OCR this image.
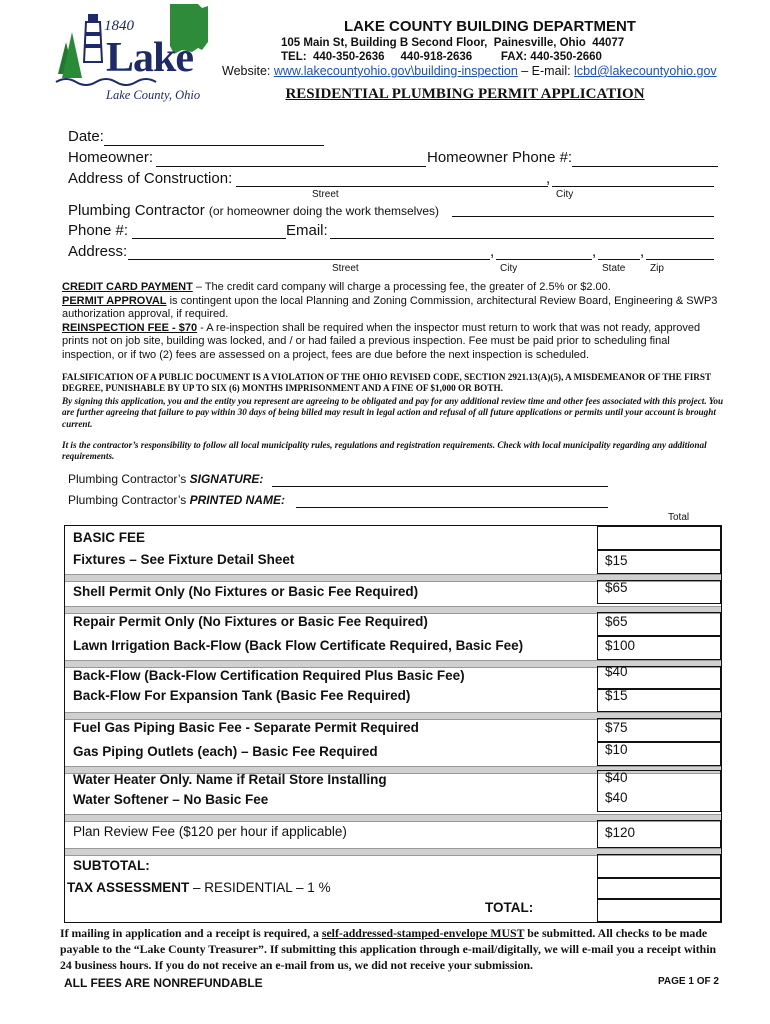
1840
Lake
Lake County, Ohio
LAKE COUNTY BUILDING DEPARTMENT
105 Main St, Building B Second Floor,  Painesville, Ohio  44077
TEL:  440-350-2636     440-918-2636         FAX: 440-350-2660
Website: www.lakecountyohio.gov\building-inspection – E-mail: lcbd@lakecountyohio.gov
RESIDENTIAL PLUMBING PERMIT APPLICATION
Date:
Homeowner:	Homeowner Phone #:
Address of Construction:	,
Street	City
Plumbing Contractor (or homeowner doing the work themselves)
Phone #:	Email:
Address:	,	,	,
Street	City	State Zip
CREDIT CARD PAYMENT – The credit card company will charge a processing fee, the greater of 2.5% or $2.00.
PERMIT APPROVAL is contingent upon the local Planning and Zoning Commission, architectural Review Board, Engineering & SWP3 authorization approval, if required.
REINSPECTION FEE - $70 - A re-inspection shall be required when the inspector must return to work that was not ready, approved prints not on job site, building was locked, and / or had failed a previous inspection. Fee must be paid prior to scheduling final inspection, or if two (2) fees are assessed on a project, fees are due before the next inspection is scheduled.
FALSIFICATION OF A PUBLIC DOCUMENT IS A VIOLATION OF THE OHIO REVISED CODE, SECTION 2921.13(A)(5), A MISDEMEANOR OF THE FIRST DEGREE, PUNISHABLE BY UP TO SIX (6) MONTHS IMPRISONMENT AND A FINE OF $1,000 OR BOTH.
By signing this application, you and the entity you represent are agreeing to be obligated and pay for any additional review time and other fees associated with this project. You are further agreeing that failure to pay within 30 days of being billed may result in legal action and refusal of all future applications or permits until your account is brought current.
It is the contractor’s responsibility to follow all local municipality rules, regulations and registration requirements. Check with local municipality regarding any additional requirements.
Plumbing Contractor’s SIGNATURE:
Plumbing Contractor’s PRINTED NAME:
Total
BASIC FEE
Fixtures – See Fixture Detail Sheet	$15
Shell Permit Only (No Fixtures or Basic Fee Required)	$65
Repair Permit Only (No Fixtures or Basic Fee Required)	$65
Lawn Irrigation Back-Flow (Back Flow Certificate Required, Basic Fee)	$100
Back-Flow (Back-Flow Certification Required Plus Basic Fee)	$40
Back-Flow For Expansion Tank (Basic Fee Required)	$15
Fuel Gas Piping Basic Fee - Separate Permit Required	$75
Gas Piping Outlets (each) – Basic Fee Required	$10
Water Heater Only. Name if Retail Store Installing	$40
Water Softener – No Basic Fee	$40
Plan Review Fee ($120 per hour if applicable)	$120
SUBTOTAL:
TAX ASSESSMENT – RESIDENTIAL – 1 %
TOTAL:
If mailing in application and a receipt is required, a self-addressed-stamped-envelope MUST be submitted. All checks to be made payable to the “Lake County Treasurer”. If submitting this application through e-mail/digitally, we will e-mail you a receipt within 24 business hours. If you do not receive an e-mail from us, we did not receive your submission.
ALL FEES ARE NONREFUNDABLE	PAGE 1 OF 2
